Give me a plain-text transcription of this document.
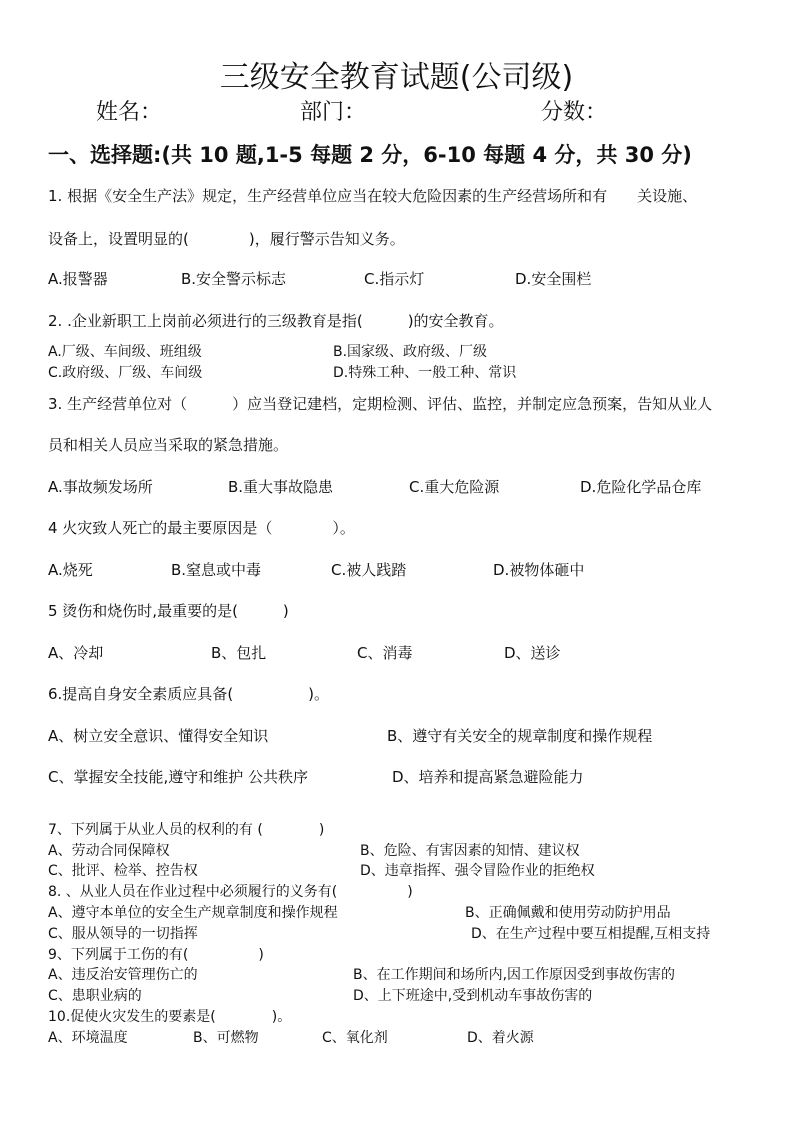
三级安全教育试题(公司级)
姓名：	部门：	分数：
一、选择题:(共 10 题,1-5 每题 2 分，6-10 每题 4 分，共 30 分)
1. 根据《安全生产法》规定，生产经营单位应当在较大危险因素的生产经营场所和有　　关设施、
设备上，设置明显的(　　　　)，履行警示告知义务。
A.报警器	B.安全警示标志	C.指示灯	D.安全围栏
2. .企业新职工上岗前必须进行的三级教育是指(　　　)的安全教育。
A.厂级、车间级、班组级	B.国家级、政府级、厂级
C.政府级、厂级、车间级	D.特殊工种、一般工种、常识
3. 生产经营单位对（　　　）应当登记建档，定期检测、评估、监控，并制定应急预案，告知从业人
员和相关人员应当采取的紧急措施。
A.事故频发场所	B.重大事故隐患	C.重大危险源	D.危险化学品仓库
4 火灾致人死亡的最主要原因是（　　　　）。
A.烧死	B.窒息或中毒	C.被人践踏	D.被物体砸中
5 烫伤和烧伤时,最重要的是(　　　)
A、冷却	B、包扎	C、消毒	D、送诊
6.提高自身安全素质应具备(　　　　　)。
A、树立安全意识、懂得安全知识	B、遵守有关安全的规章制度和操作规程
C、掌握安全技能,遵守和维护 公共秩序	D、培养和提高紧急避险能力
7、下列属于从业人员的权利的有 (　　　　)
A、劳动合同保障权	B、危险、有害因素的知情、建议权
C、批评、检举、控告权	D、违章指挥、强令冒险作业的拒绝权
8. 、从业人员在作业过程中必须履行的义务有(　　　　　)
A、遵守本单位的安全生产规章制度和操作规程	B、正确佩戴和使用劳动防护用品
C、服从领导的一切指挥	D、在生产过程中要互相提醒,互相支持
9、下列属于工伤的有(　　　　　)
A、违反治安管理伤亡的	B、在工作期间和场所内,因工作原因受到事故伤害的
C、患职业病的	D、上下班途中,受到机动车事故伤害的
10.促使火灾发生的要素是(　　　　)。
A、环境温度	B、可燃物	C、氧化剂	D、着火源
